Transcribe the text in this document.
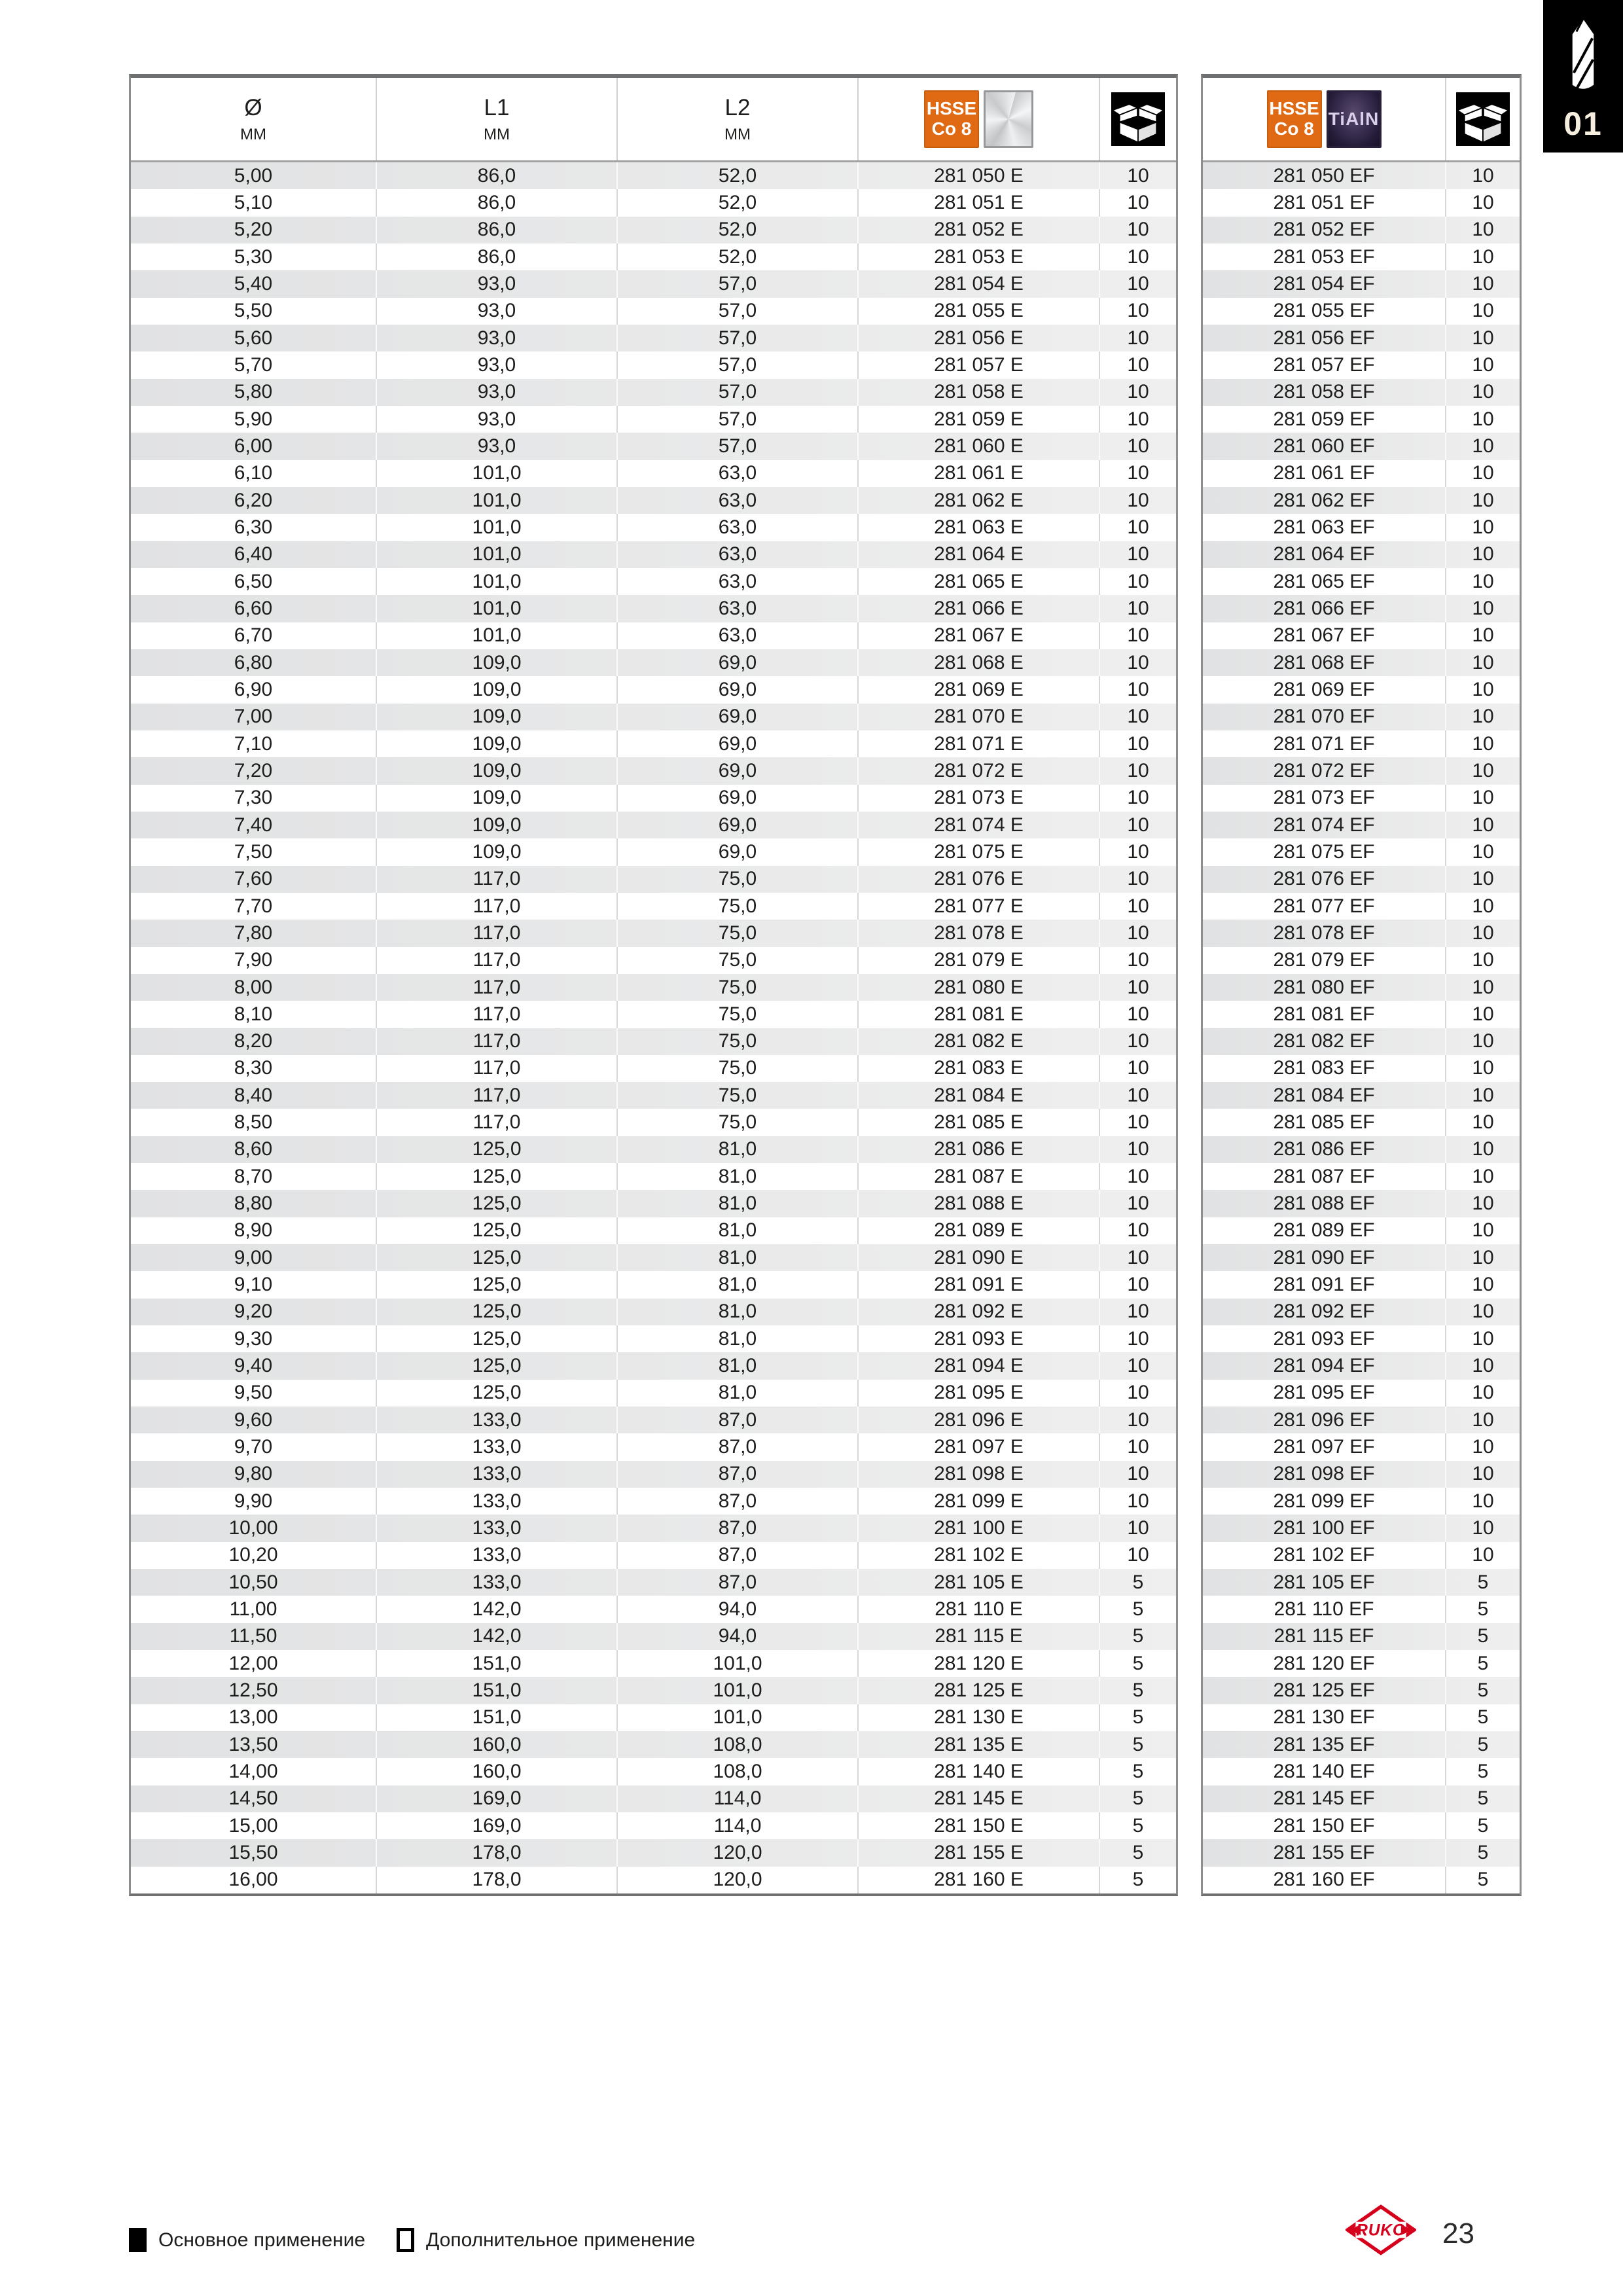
01
Ø
ММ
L1
ММ
L2
ММ
HSSE
Co 8
5,00	86,0	52,0	281 050 E	10
5,10	86,0	52,0	281 051 E	10
5,20	86,0	52,0	281 052 E	10
5,30	86,0	52,0	281 053 E	10
5,40	93,0	57,0	281 054 E	10
5,50	93,0	57,0	281 055 E	10
5,60	93,0	57,0	281 056 E	10
5,70	93,0	57,0	281 057 E	10
5,80	93,0	57,0	281 058 E	10
5,90	93,0	57,0	281 059 E	10
6,00	93,0	57,0	281 060 E	10
6,10	101,0	63,0	281 061 E	10
6,20	101,0	63,0	281 062 E	10
6,30	101,0	63,0	281 063 E	10
6,40	101,0	63,0	281 064 E	10
6,50	101,0	63,0	281 065 E	10
6,60	101,0	63,0	281 066 E	10
6,70	101,0	63,0	281 067 E	10
6,80	109,0	69,0	281 068 E	10
6,90	109,0	69,0	281 069 E	10
7,00	109,0	69,0	281 070 E	10
7,10	109,0	69,0	281 071 E	10
7,20	109,0	69,0	281 072 E	10
7,30	109,0	69,0	281 073 E	10
7,40	109,0	69,0	281 074 E	10
7,50	109,0	69,0	281 075 E	10
7,60	117,0	75,0	281 076 E	10
7,70	117,0	75,0	281 077 E	10
7,80	117,0	75,0	281 078 E	10
7,90	117,0	75,0	281 079 E	10
8,00	117,0	75,0	281 080 E	10
8,10	117,0	75,0	281 081 E	10
8,20	117,0	75,0	281 082 E	10
8,30	117,0	75,0	281 083 E	10
8,40	117,0	75,0	281 084 E	10
8,50	117,0	75,0	281 085 E	10
8,60	125,0	81,0	281 086 E	10
8,70	125,0	81,0	281 087 E	10
8,80	125,0	81,0	281 088 E	10
8,90	125,0	81,0	281 089 E	10
9,00	125,0	81,0	281 090 E	10
9,10	125,0	81,0	281 091 E	10
9,20	125,0	81,0	281 092 E	10
9,30	125,0	81,0	281 093 E	10
9,40	125,0	81,0	281 094 E	10
9,50	125,0	81,0	281 095 E	10
9,60	133,0	87,0	281 096 E	10
9,70	133,0	87,0	281 097 E	10
9,80	133,0	87,0	281 098 E	10
9,90	133,0	87,0	281 099 E	10
10,00	133,0	87,0	281 100 E	10
10,20	133,0	87,0	281 102 E	10
10,50	133,0	87,0	281 105 E	5
11,00	142,0	94,0	281 110 E	5
11,50	142,0	94,0	281 115 E	5
12,00	151,0	101,0	281 120 E	5
12,50	151,0	101,0	281 125 E	5
13,00	151,0	101,0	281 130 E	5
13,50	160,0	108,0	281 135 E	5
14,00	160,0	108,0	281 140 E	5
14,50	169,0	114,0	281 145 E	5
15,00	169,0	114,0	281 150 E	5
15,50	178,0	120,0	281 155 E	5
16,00	178,0	120,0	281 160 E	5
HSSE
Co 8 TiAlN
281 050 EF	10
281 051 EF	10
281 052 EF	10
281 053 EF	10
281 054 EF	10
281 055 EF	10
281 056 EF	10
281 057 EF	10
281 058 EF	10
281 059 EF	10
281 060 EF	10
281 061 EF	10
281 062 EF	10
281 063 EF	10
281 064 EF	10
281 065 EF	10
281 066 EF	10
281 067 EF	10
281 068 EF	10
281 069 EF	10
281 070 EF	10
281 071 EF	10
281 072 EF	10
281 073 EF	10
281 074 EF	10
281 075 EF	10
281 076 EF	10
281 077 EF	10
281 078 EF	10
281 079 EF	10
281 080 EF	10
281 081 EF	10
281 082 EF	10
281 083 EF	10
281 084 EF	10
281 085 EF	10
281 086 EF	10
281 087 EF	10
281 088 EF	10
281 089 EF	10
281 090 EF	10
281 091 EF	10
281 092 EF	10
281 093 EF	10
281 094 EF	10
281 095 EF	10
281 096 EF	10
281 097 EF	10
281 098 EF	10
281 099 EF	10
281 100 EF	10
281 102 EF	10
281 105 EF	5
281 110 EF	5
281 115 EF	5
281 120 EF	5
281 125 EF	5
281 130 EF	5
281 135 EF	5
281 140 EF	5
281 145 EF	5
281 150 EF	5
281 155 EF	5
281 160 EF	5
Основное применение	Дополнительное применение	RUKO 23
